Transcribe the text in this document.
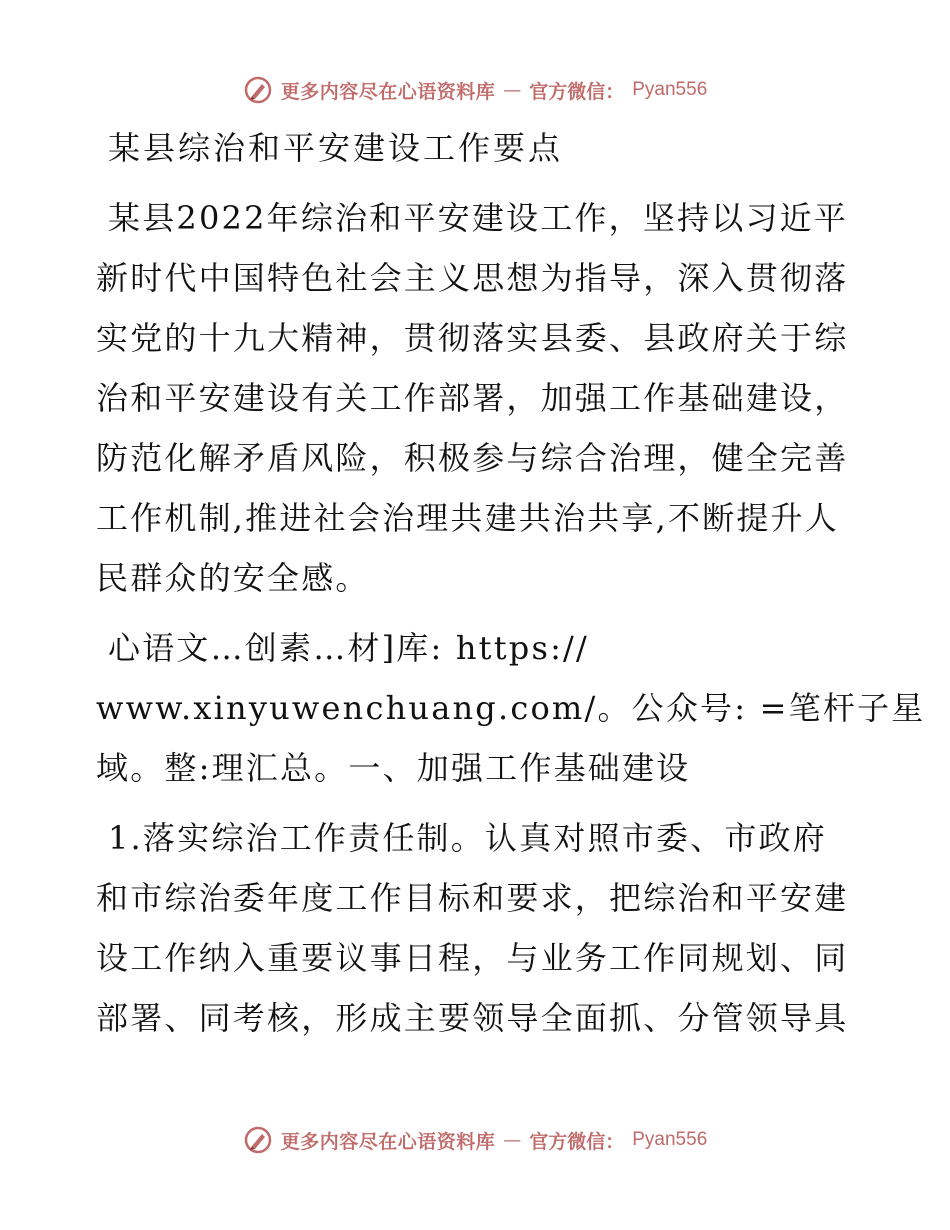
更多内容尽在心语资料库 — 官方微信： Pyan556
某县综治和平安建设工作要点

某县2022年综治和平安建设工作，坚持以习近平
新时代中国特色社会主义思想为指导，深入贯彻落
实党的十九大精神，贯彻落实县委、县政府关于综
治和平安建设有关工作部署，加强工作基础建设，
防范化解矛盾风险，积极参与综合治理，健全完善
工作机制,推进社会治理共建共治共享,不断提升人
民群众的安全感。

心语文…创素…材]库: https://
www.xinyuwenchuang.com/。公众号: =笔杆子星
域。整:理汇总。一、加强工作基础建设

1.落实综治工作责任制。认真对照市委、市政府
和市综治委年度工作目标和要求，把综治和平安建
设工作纳入重要议事日程，与业务工作同规划、同
部署、同考核，形成主要领导全面抓、分管领导具

更多内容尽在心语资料库 — 官方微信： Pyan556
